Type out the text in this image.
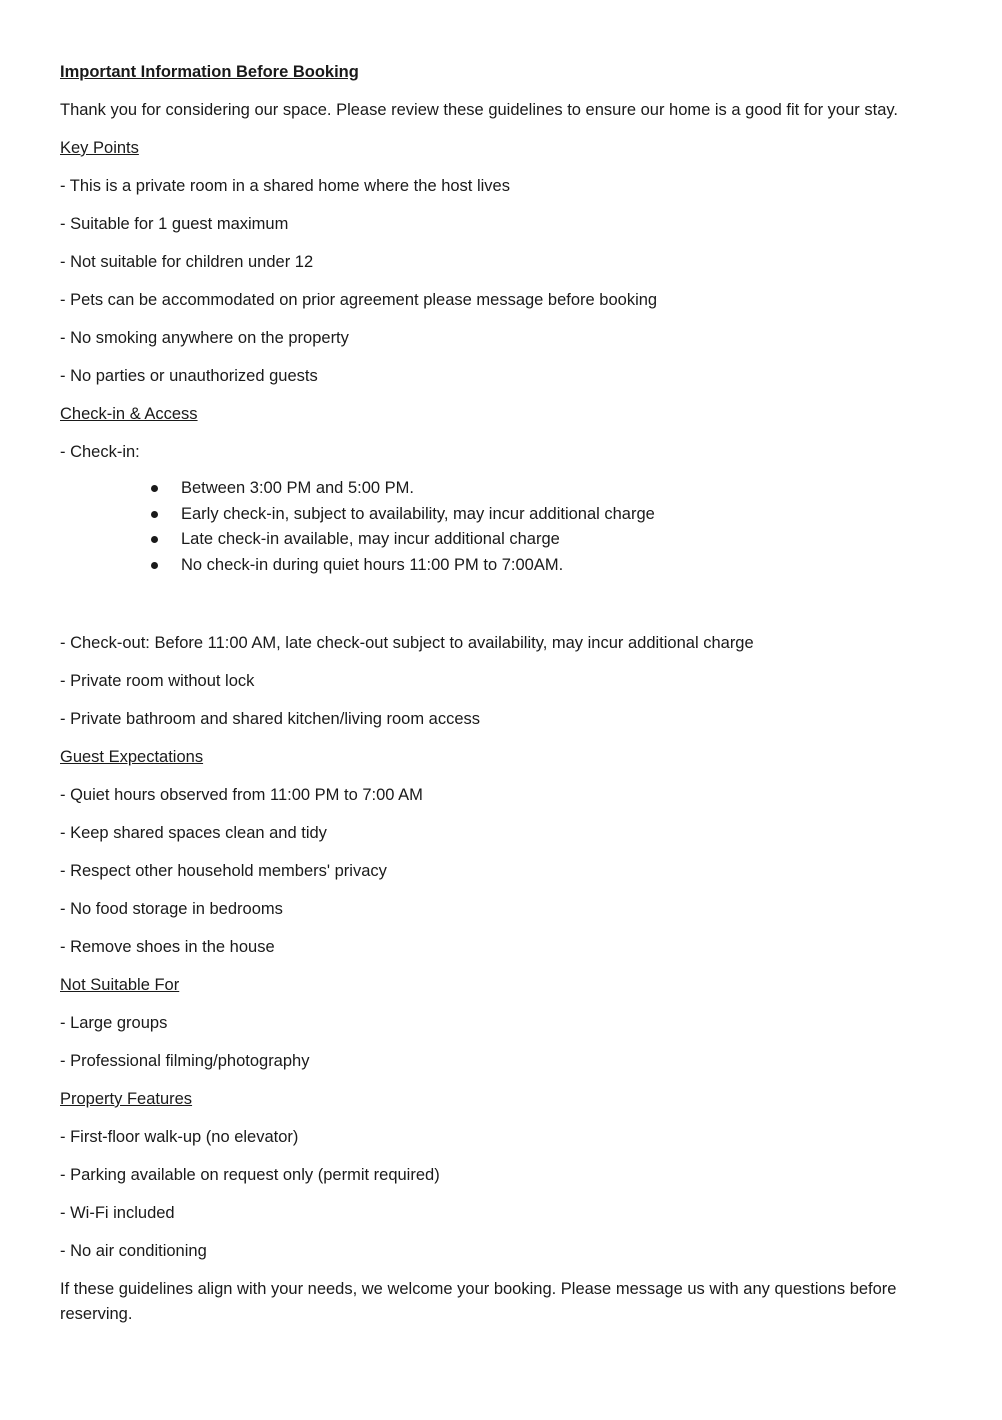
Important Information Before Booking

Thank you for considering our space. Please review these guidelines to ensure our home is a good fit for your stay.

Key Points

- This is a private room in a shared home where the host lives

- Suitable for 1 guest maximum

- Not suitable for children under 12

- Pets can be accommodated on prior agreement please message before booking

- No smoking anywhere on the property

- No parties or unauthorized guests

Check-in & Access

- Check-in:

Between 3:00 PM and 5:00 PM.
Early check-in, subject to availability, may incur additional charge
Late check-in available, may incur additional charge
No check-in during quiet hours 11:00 PM to 7:00AM.

- Check-out: Before 11:00 AM, late check-out subject to availability, may incur additional charge

- Private room without lock

- Private bathroom and shared kitchen/living room access

Guest Expectations

- Quiet hours observed from 11:00 PM to 7:00 AM

- Keep shared spaces clean and tidy

- Respect other household members' privacy

- No food storage in bedrooms

- Remove shoes in the house

Not Suitable For

- Large groups

- Professional filming/photography

Property Features

- First-floor walk-up (no elevator)

- Parking available on request only (permit required)

- Wi-Fi included

- No air conditioning

If these guidelines align with your needs, we welcome your booking. Please message us with any questions before reserving.
